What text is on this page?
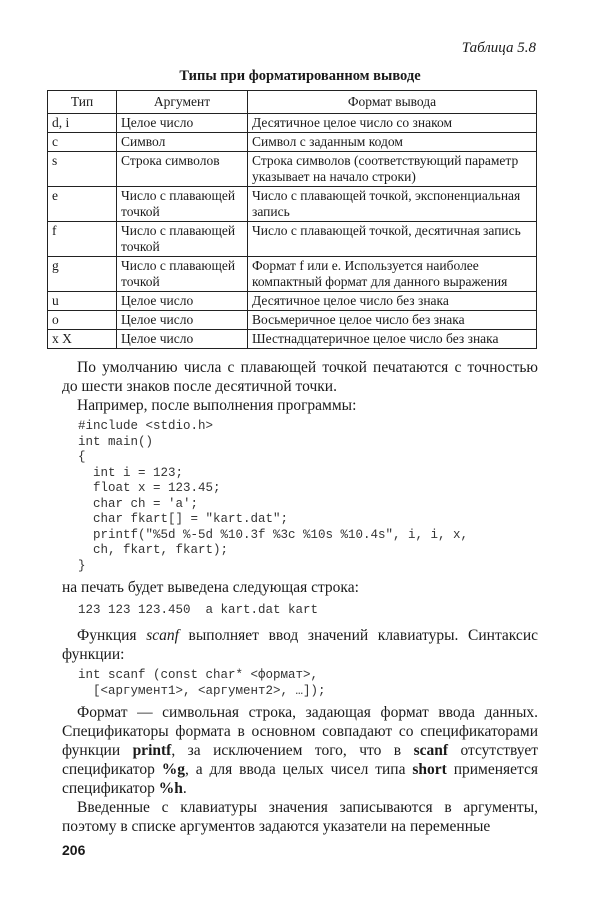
Таблица 5.8
Типы при форматированном выводе
Тип	Аргумент	Формат вывода
d, i	Целое число	Десятичное целое число со знаком
c	Символ	Символ с заданным кодом
s	Строка символов	Строка символов (соответствующий параметр указывает на начало строки)
e	Число с плавающей точкой	Число с плавающей точкой, экспоненциальная запись
f	Число с плавающей точкой	Число с плавающей точкой, десятичная запись
g	Число с плавающей точкой	Формат f или e. Используется наиболее компактный формат для данного выражения
u	Целое число	Десятичное целое число без знака
o	Целое число	Восьмеричное целое число без знака
x X	Целое число	Шестнадцатеричное целое число без знака

По умолчанию числа с плавающей точкой печатаются с точностью до шести знаков после десятичной точки.

Например, после выполнения программы:

#include <stdio.h>
int main()
{
int i = 123;
float x = 123.45;
char ch = 'a';
char fkart[] = "kart.dat";
printf("%5d %-5d %10.3f %3c %10s %10.4s", i, i, x,
ch, fkart, fkart);
}

на печать будет выведена следующая строка:

123 123 123.450  a kart.dat kart

Функция scanf выполняет ввод значений клавиатуры. Синтаксис функции:

int scanf (const char* <формат>,
[<аргумент1>, <аргумент2>, …]);

Формат — символьная строка, задающая формат ввода данных. Спецификаторы формата в основном совпадают со спецификаторами функции printf, за исключением того, что в scanf отсутствует спецификатор %g, а для ввода целых чисел типа short применяется спецификатор %h.

Введенные с клавиатуры значения записываются в аргументы, поэтому в списке аргументов задаются указатели на переменные

206
